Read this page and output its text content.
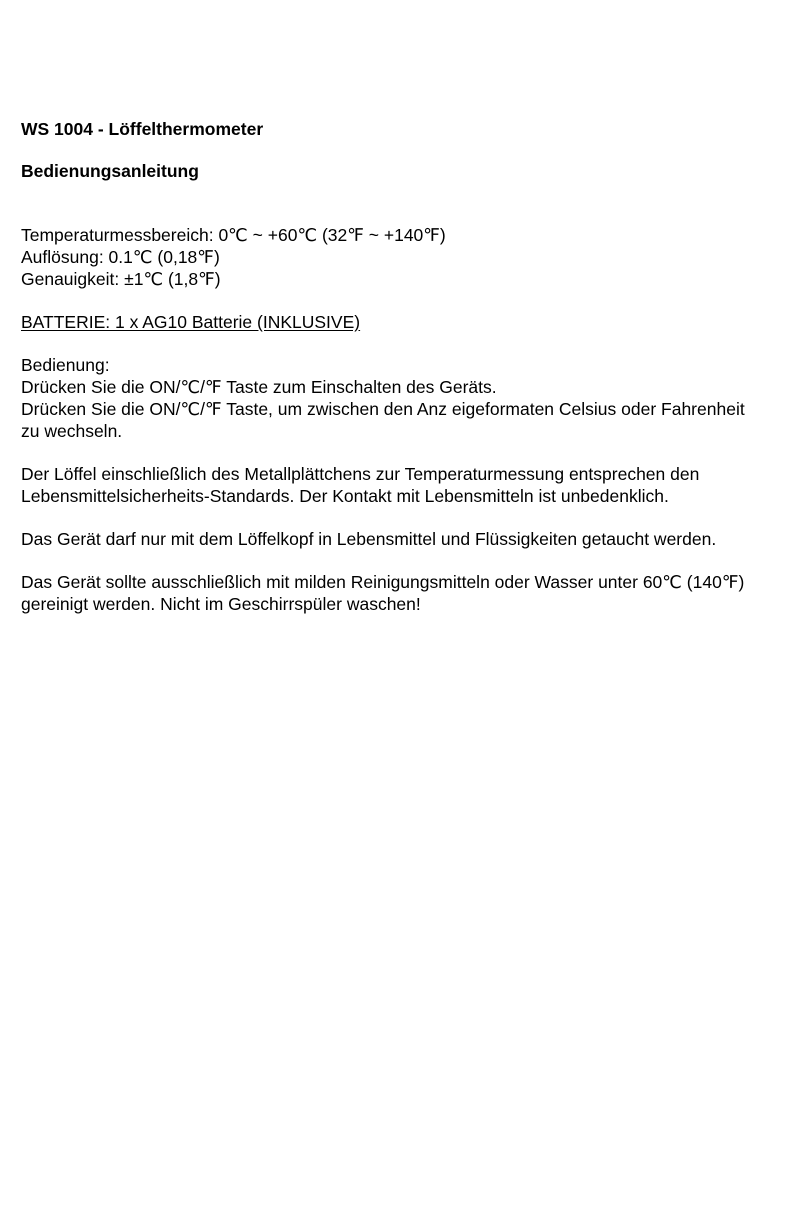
WS 1004 - Löffelthermometer

Bedienungsanleitung

Temperaturmessbereich: 0℃ ~ +60℃ (32℉ ~ +140℉)

Auflösung: 0.1℃ (0,18℉)

Genauigkeit: ±1℃ (1,8℉)

BATTERIE: 1 x AG10 Batterie (INKLUSIVE)

Bedienung:

Drücken Sie die ON/℃/℉ Taste zum Einschalten des Geräts.

Drücken Sie die ON/℃/℉ Taste, um zwischen den Anz eigeformaten Celsius oder Fahrenheit

zu wechseln.

Der Löffel einschließlich des Metallplättchens zur Temperaturmessung entsprechen den

Lebensmittelsicherheits-Standards. Der Kontakt mit Lebensmitteln ist unbedenklich.

Das Gerät darf nur mit dem Löffelkopf in Lebensmittel und Flüssigkeiten getaucht werden.

Das Gerät sollte ausschließlich mit milden Reinigungsmitteln oder Wasser unter 60℃ (140℉)

gereinigt werden. Nicht im Geschirrspüler waschen!
